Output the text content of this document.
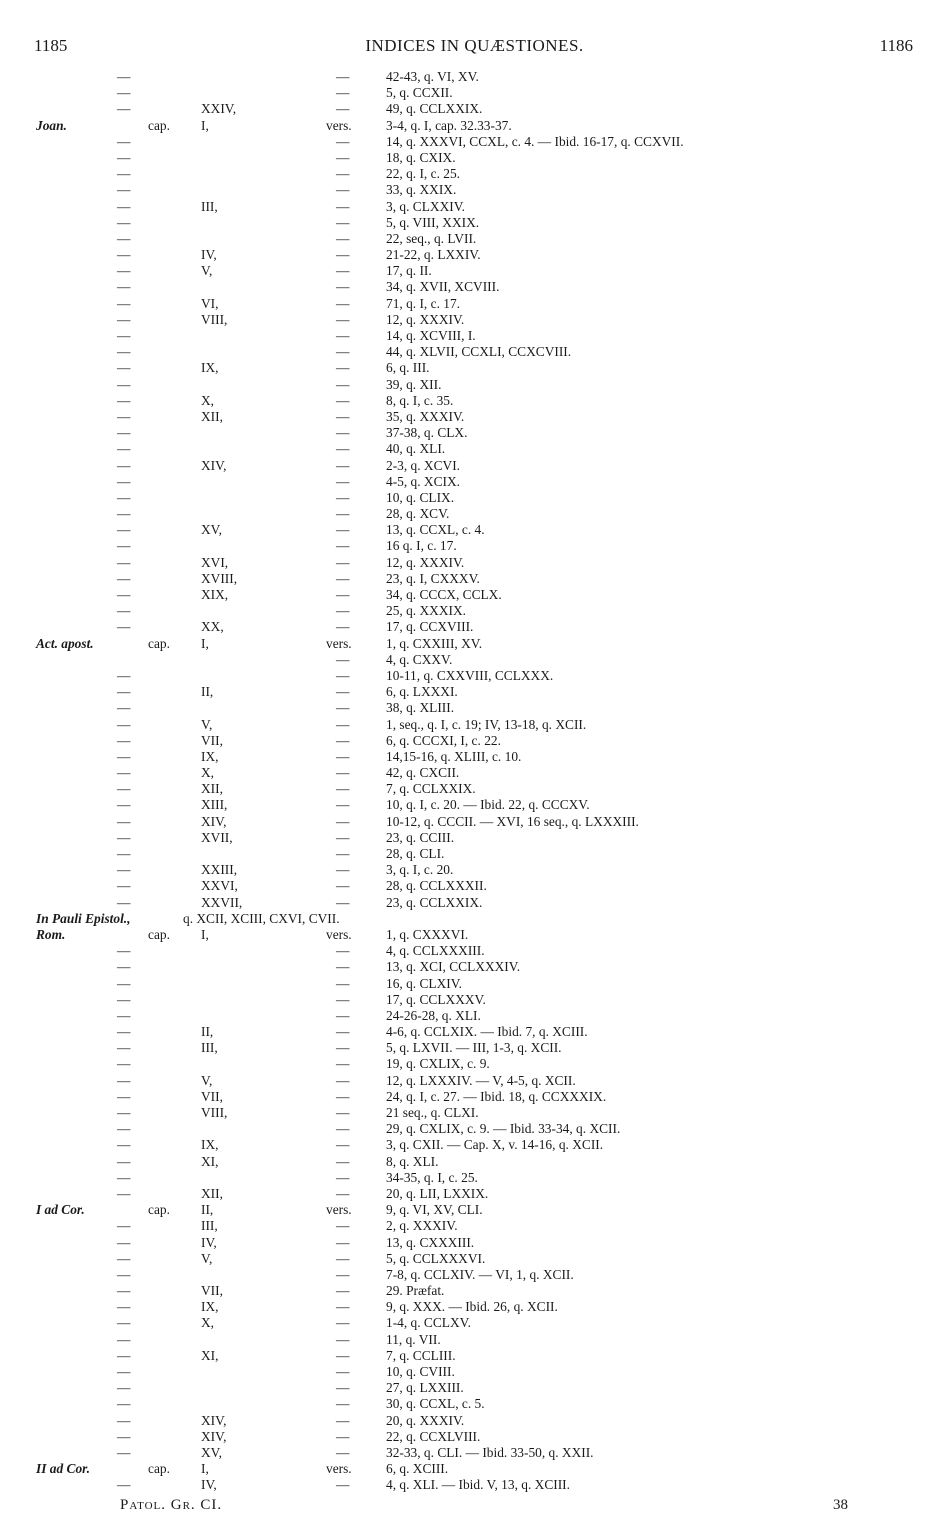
1185	INDICES IN QUÆSTIONES.	1186
—	—	42-43, q. VI, XV.
—	—	5, q. CCXII.
—	XXIV,	—	49, q. CCLXXIX.
Joan.	cap. I,	vers.	3-4, q. I, cap. 32.33-37.
—	—	14, q. XXXVI, CCXL, c. 4. — Ibid. 16-17, q. CCXVII.
—	—	18, q. CXIX.
—	—	22, q. I, c. 25.
—	—	33, q. XXIX.
—	III,	—	3, q. CLXXIV.
—	—	5, q. VIII, XXIX.
—	—	22, seq., q. LVII.
—	IV,	—	21-22, q. LXXIV.
—	V,	—	17, q. II.
—	—	34, q. XVII, XCVIII.
—	VI,	—	71, q. I, c. 17.
—	VIII,	—	12, q. XXXIV.
—	—	14, q. XCVIII, I.
—	—	44, q. XLVII, CCXLI, CCXCVIII.
—	IX,	—	6, q. III.
—	—	39, q. XII.
—	X,	—	8, q. I, c. 35.
—	XII,	—	35, q. XXXIV.
—	—	37-38, q. CLX.
—	—	40, q. XLI.
—	XIV,	—	2-3, q. XCVI.
—	—	4-5, q. XCIX.
—	—	10, q. CLIX.
—	—	28, q. XCV.
—	XV,	—	13, q. CCXL, c. 4.
—	—	16 q. I, c. 17.
—	XVI,	—	12, q. XXXIV.
—	XVIII,	—	23, q. I, CXXXV.
—	XIX,	—	34, q. CCCX, CCLX.
—	—	25, q. XXXIX.
—	XX,	—	17, q. CCXVIII.
Act. apost.	cap. I,	vers.	1, q. CXXIII, XV.
—	4, q. CXXV.
—	—	10-11, q. CXXVIII, CCLXXX.
—	II,	—	6, q. LXXXI.
—	—	38, q. XLIII.
—	V,	—	1, seq., q. I, c. 19; IV, 13-18, q. XCII.
—	VII,	—	6, q. CCCXI, I, c. 22.
—	IX,	—	14,15-16, q. XLIII, c. 10.
—	X,	—	42, q. CXCII.
—	XII,	—	7, q. CCLXXIX.
—	XIII,	—	10, q. I, c. 20. — Ibid. 22, q. CCCXV.
—	XIV,	—	10-12, q. CCCII. — XVI, 16 seq., q. LXXXIII.
—	XVII,	—	23, q. CCIII.
—	—	28, q. CLI.
—	XXIII,	—	3, q. I, c. 20.
—	XXVI,	—	28, q. CCLXXXII.
—	XXVII,	—	23, q. CCLXXIX.
In Pauli Epistol.,	q. XCII, XCIII, CXVI, CVII.
Rom.	cap. I,	vers.	1, q. CXXXVI.
—	—	4, q. CCLXXXIII.
—	—	13, q. XCI, CCLXXXIV.
—	—	16, q. CLXIV.
—	—	17, q. CCLXXXV.
—	—	24-26-28, q. XLI.
—	II,	—	4-6, q. CCLXIX. — Ibid. 7, q. XCIII.
—	III,	—	5, q. LXVII. — III, 1-3, q. XCII.
—	—	19, q. CXLIX, c. 9.
—	V,	—	12, q. LXXXIV. — V, 4-5, q. XCII.
—	VII,	—	24, q. I, c. 27. — Ibid. 18, q. CCXXXIX.
—	VIII,	—	21 seq., q. CLXI.
—	—	29, q. CXLIX, c. 9. — Ibid. 33-34, q. XCII.
—	IX,	—	3, q. CXII. — Cap. X, v. 14-16, q. XCII.
—	XI,	—	8, q. XLI.
—	—	34-35, q. I, c. 25.
—	XII,	—	20, q. LII, LXXIX.
I ad Cor.	cap. II,	vers.	9, q. VI, XV, CLI.
—	III,	—	2, q. XXXIV.
—	IV,	—	13, q. CXXXIII.
—	V,	—	5, q. CCLXXXVI.
—	—	7-8, q. CCLXIV. — VI, 1, q. XCII.
—	VII,	—	29. Præfat.
—	IX,	—	9, q. XXX. — Ibid. 26, q. XCII.
—	X,	—	1-4, q. CCLXV.
—	—	11, q. VII.
—	XI,	—	7, q. CCLIII.
—	—	10, q. CVIII.
—	—	27, q. LXXIII.
—	—	30, q. CCXL, c. 5.
—	XIV,	—	20, q. XXXIV.
—	XIV,	—	22, q. CCXLVIII.
—	XV,	—	32-33, q. CLI. — Ibid. 33-50, q. XXII.
II ad Cor.	cap. I,	vers.	6, q. XCIII.
—	IV,	—	4, q. XLI. — Ibid. V, 13, q. XCIII.
Patol. Gr. CI.	38
